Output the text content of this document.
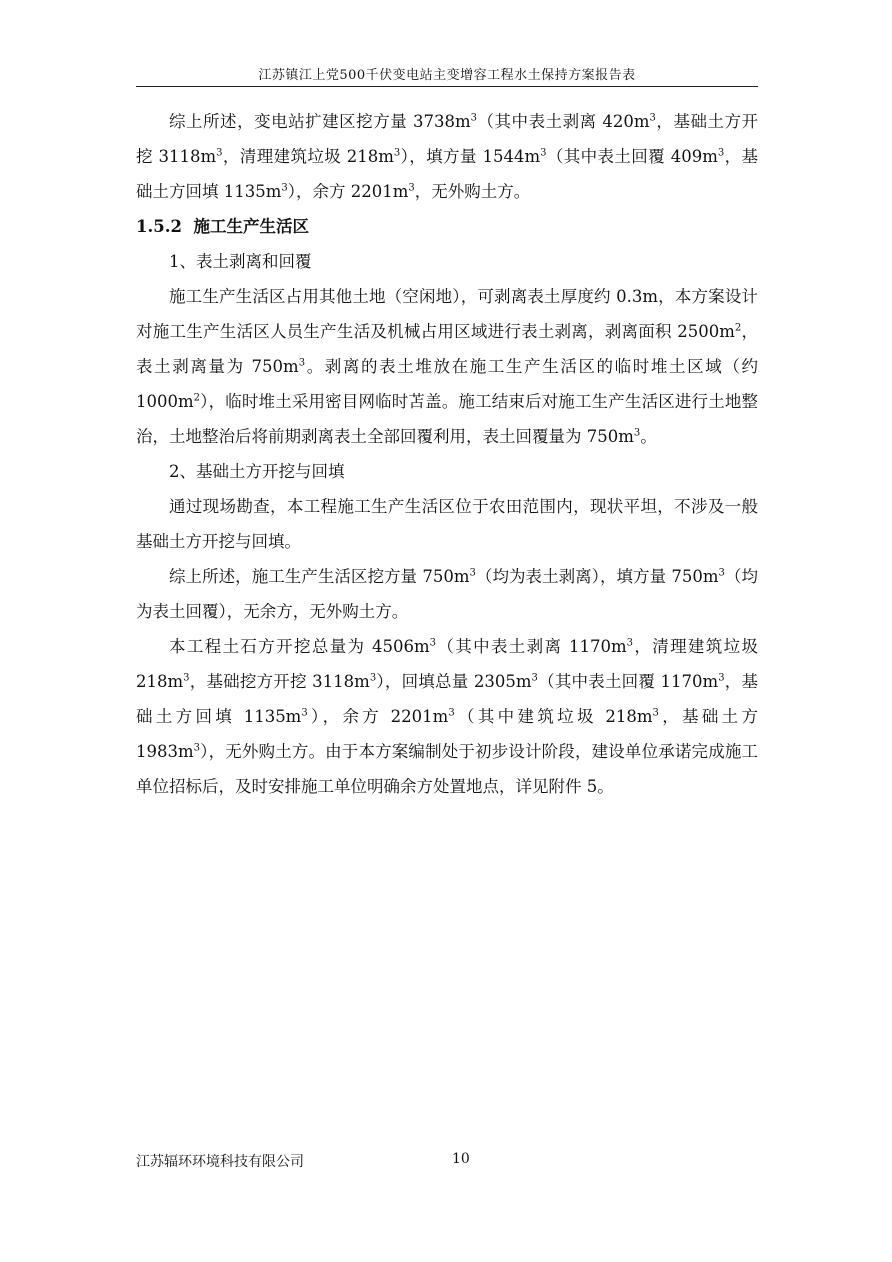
江苏镇江上党500千伏变电站主变增容工程水土保持方案报告表

综上所述，变电站扩建区挖方量 $3738m^3$（其中表土剥离 $420m^3$，基础土方开挖 $3118m^3$，清理建筑垃圾 $218m^3$），填方量 $1544m^3$（其中表土回覆 $409m^3$，基础土方回填 $1135m^3$），余方 $2201m^3$，无外购土方。

1.5.2 施工生产生活区

1、表土剥离和回覆

施工生产生活区占用其他土地（空闲地），可剥离表土厚度约 0.3m，本方案设计对施工生产生活区人员生产生活及机械占用区域进行表土剥离，剥离面积 $2500m^2$，表土剥离量为 $750m^3$。剥离的表土堆放在施工生产生活区的临时堆土区域（约 $1000m^2$），临时堆土采用密目网临时苫盖。施工结束后对施工生产生活区进行土地整治，土地整治后将前期剥离表土全部回覆利用，表土回覆量为 $750m^3$。

2、基础土方开挖与回填

通过现场勘查，本工程施工生产生活区位于农田范围内，现状平坦，不涉及一般基础土方开挖与回填。

综上所述，施工生产生活区挖方量 $750m^3$（均为表土剥离），填方量 $750m^3$（均为表土回覆），无余方，无外购土方。

本工程土石方开挖总量为 $4506m^3$（其中表土剥离 $1170m^3$，清理建筑垃圾 $218m^3$，基础挖方开挖 $3118m^3$），回填总量 $2305m^3$（其中表土回覆 $1170m^3$，基础土方回填 $1135m^3$），余方 $2201m^3$（其中建筑垃圾 $218m^3$，基础土方 $1983m^3$），无外购土方。由于本方案编制处于初步设计阶段，建设单位承诺完成施工单位招标后，及时安排施工单位明确余方处置地点，详见附件 5。

江苏辐环环境科技有限公司	10
